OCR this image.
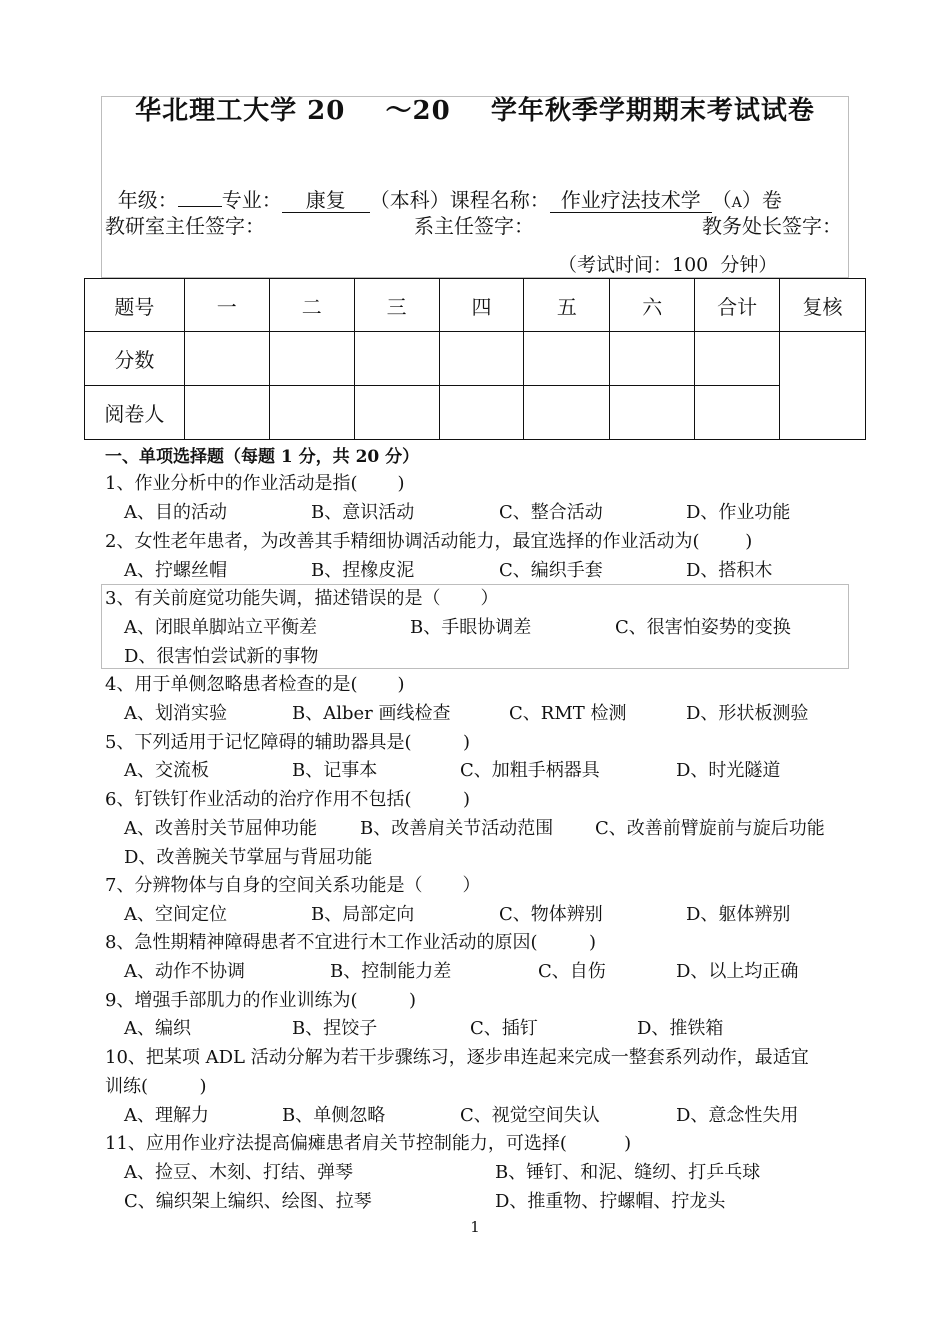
华北理工大学 20    ～20    学年秋季学期期末考试试卷

年级： 专业： 康复 （本科）课程名称： 作业疗法技术学 （A）卷

教研室主任签字：	系主任签字：	教务处长签字：
（考试时间：100  分钟）
题号	一	二	三	四	五	六	合计	复核
分数								
阅卷人								
一、单项选择题（每题 1 分，共 20 分）
1、作业分析中的作业活动是指(       )
A、目的活动	B、意识活动	C、整合活动	D、作业功能
2、女性老年患者，为改善其手精细协调活动能力，最宜选择的作业活动为(        )
A、拧螺丝帽	B、捏橡皮泥	C、编织手套	D、搭积木
3、有关前庭觉功能失调，描述错误的是（       ）
A、闭眼单脚站立平衡差	B、手眼协调差	C、很害怕姿势的变换
D、很害怕尝试新的事物
4、用于单侧忽略患者检查的是(       )
A、划消实验	B、Alber 画线检查	C、RMT 检测	D、形状板测验
5、下列适用于记忆障碍的辅助器具是(         )
A、交流板	B、记事本	C、加粗手柄器具	D、时光隧道
6、钉铁钉作业活动的治疗作用不包括(         )
A、改善肘关节屈伸功能 B、改善肩关节活动范围 C、改善前臂旋前与旋后功能
D、改善腕关节掌屈与背屈功能
7、分辨物体与自身的空间关系功能是（       ）
A、空间定位	B、局部定向	C、物体辨别	D、躯体辨别
8、急性期精神障碍患者不宜进行木工作业活动的原因(         )
A、动作不协调	B、控制能力差	C、自伤	D、以上均正确
9、增强手部肌力的作业训练为(         )
A、编织	B、捏饺子	C、插钉	D、推铁箱
10、把某项 ADL 活动分解为若干步骤练习，逐步串连起来完成一整套系列动作，最适宜
训练(         )
A、理解力	B、单侧忽略	C、视觉空间失认	D、意念性失用
11、应用作业疗法提高偏瘫患者肩关节控制能力，可选择(          )
A、捡豆、木刻、打结、弹琴	B、锤钉、和泥、缝纫、打乒乓球
C、编织架上编织、绘图、拉琴	D、推重物、拧螺帽、拧龙头
1
